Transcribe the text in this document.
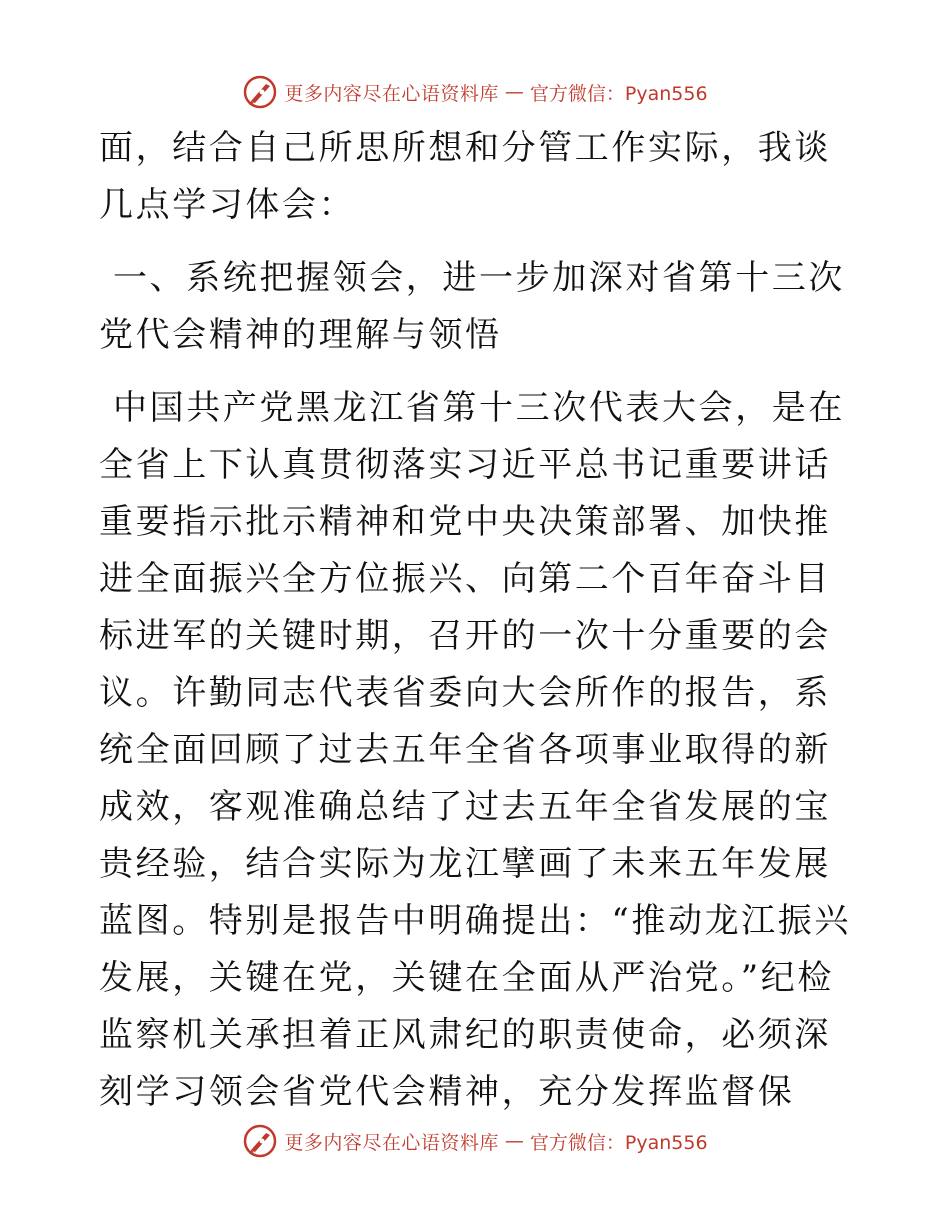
更多内容尽在心语资料库 — 官方微信：Pyan556

面，结合自己所思所想和分管工作实际，我谈几点学习体会：

一、系统把握领会，进一步加深对省第十三次党代会精神的理解与领悟

中国共产党黑龙江省第十三次代表大会，是在全省上下认真贯彻落实习近平总书记重要讲话重要指示批示精神和党中央决策部署、加快推进全面振兴全方位振兴、向第二个百年奋斗目标进军的关键时期，召开的一次十分重要的会议。许勤同志代表省委向大会所作的报告，系统全面回顾了过去五年全省各项事业取得的新成效，客观准确总结了过去五年全省发展的宝贵经验，结合实际为龙江擘画了未来五年发展蓝图。特别是报告中明确提出：“推动龙江振兴发展，关键在党，关键在全面从严治党。”纪检监察机关承担着正风肃纪的职责使命，必须深刻学习领会省党代会精神，充分发挥监督保

更多内容尽在心语资料库 — 官方微信：Pyan556
